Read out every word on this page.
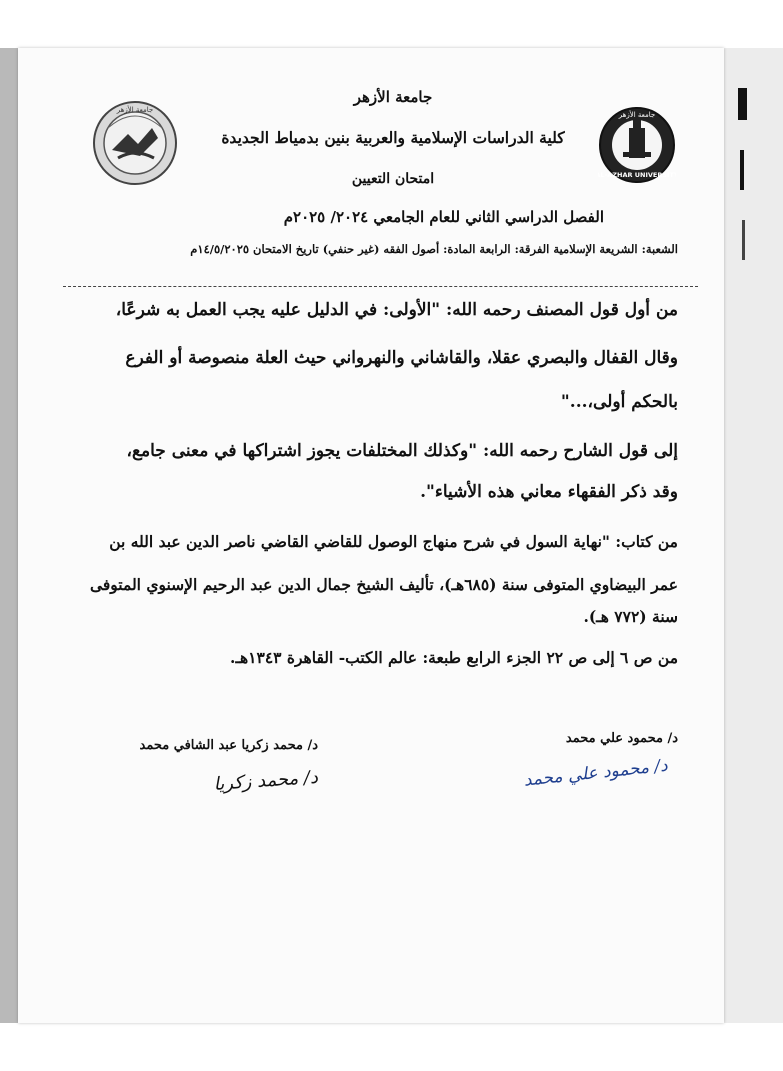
جامعة الأزهر
AL-AZHAR UNIVERSITY
جامعة الأزهر
جامعة الأزهر
كلية الدراسات الإسلامية والعربية بنين بدمياط الجديدة
امتحان التعيين
الفصل الدراسي الثاني للعام الجامعي ٢٠٢٤/ ٢٠٢٥م
الشعبة: الشريعة الإسلامية الفرقة: الرابعة المادة: أصول الفقه (غير حنفي) تاريخ الامتحان ١٤/٥/٢٠٢٥م
من أول قول المصنف رحمه الله: "الأولى: في الدليل عليه يجب العمل به شرعًا،
وقال القفال والبصري عقلا، والقاشاني والنهرواني حيث العلة منصوصة أو الفرع
بالحكم أولى،..."
إلى قول الشارح رحمه الله: "وكذلك المختلفات يجوز اشتراكها في معنى جامع،
وقد ذكر الفقهاء معاني هذه الأشياء".
من كتاب: "نهاية السول في شرح منهاج الوصول للقاضي القاضي ناصر الدين عبد الله بن
عمر البيضاوي المتوفى سنة (٦٨٥هـ)، تأليف الشيخ جمال الدين عبد الرحيم الإسنوي المتوفى
سنة (٧٧٢ هـ).
من ص ٦ إلى ص ٢٢ الجزء الرابع طبعة: عالم الكتب- القاهرة ١٣٤٣هـ.
د/ محمود علي محمد
د/ محمد زكريا عبد الشافي محمد
د/ محمود علي محمد
د/ محمد زكريا
